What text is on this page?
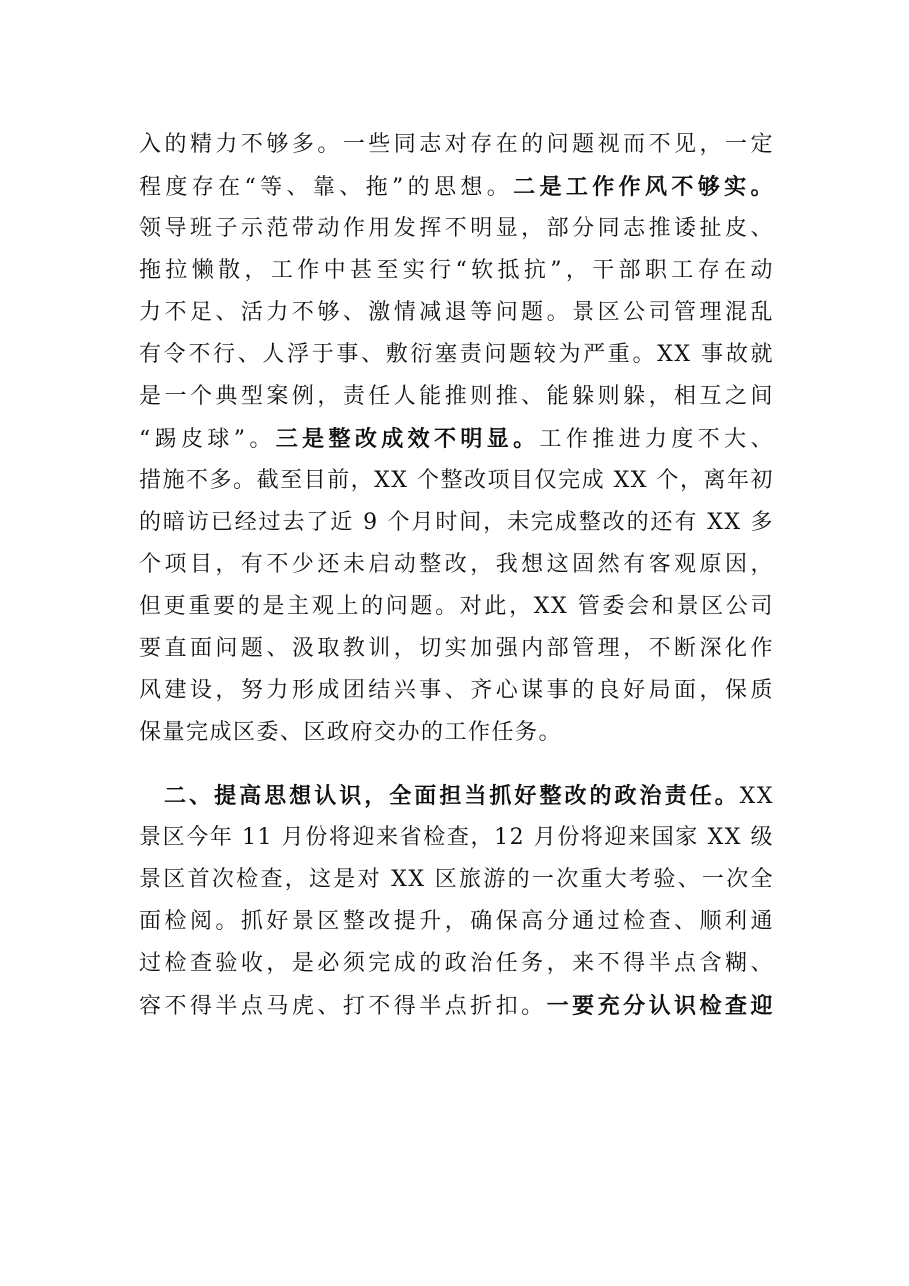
入的精力不够多。一些同志对存在的问题视而不见，一定
程度存在“等、靠、拖”的思想。二是工作作风不够实。
领导班子示范带动作用发挥不明显，部分同志推诿扯皮、
拖拉懒散，工作中甚至实行“软抵抗”，干部职工存在动
力不足、活力不够、激情减退等问题。景区公司管理混乱
有令不行、人浮于事、敷衍塞责问题较为严重。XX 事故就
是一个典型案例，责任人能推则推、能躲则躲，相互之间
“踢皮球”。三是整改成效不明显。工作推进力度不大、
措施不多。截至目前，XX 个整改项目仅完成 XX 个，离年初
的暗访已经过去了近 9 个月时间，未完成整改的还有 XX 多
个项目，有不少还未启动整改，我想这固然有客观原因，
但更重要的是主观上的问题。对此，XX 管委会和景区公司
要直面问题、汲取教训，切实加强内部管理，不断深化作
风建设，努力形成团结兴事、齐心谋事的良好局面，保质
保量完成区委、区政府交办的工作任务。
　二、提高思想认识，全面担当抓好整改的政治责任。XX
景区今年 11 月份将迎来省检查，12 月份将迎来国家 XX 级
景区首次检查，这是对 XX 区旅游的一次重大考验、一次全
面检阅。抓好景区整改提升，确保高分通过检查、顺利通
过检查验收，是必须完成的政治任务，来不得半点含糊、
容不得半点马虎、打不得半点折扣。一要充分认识检查迎
